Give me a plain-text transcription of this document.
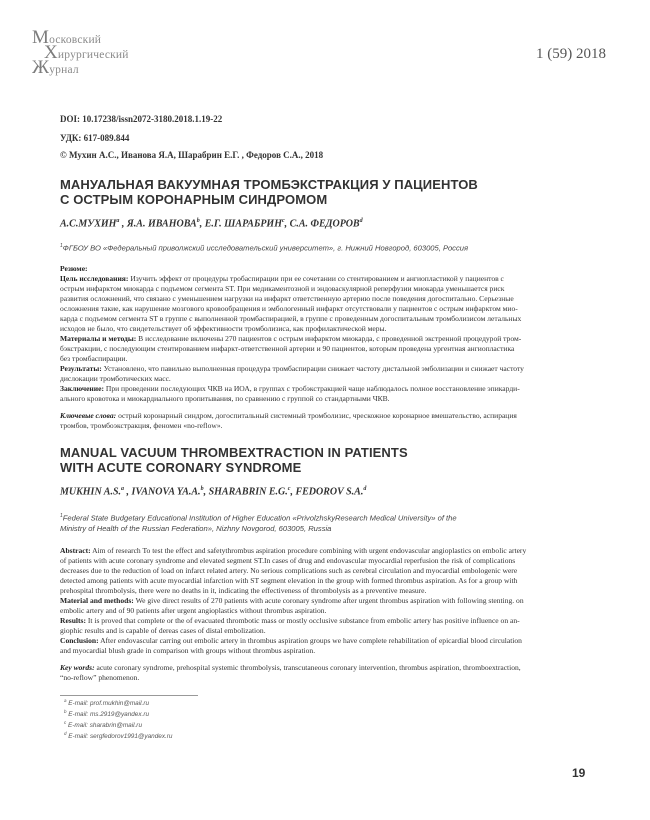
Московский
Хирургический
Журнал
1 (59) 2018
DOI: 10.17238/issn2072-3180.2018.1.19-22
УДК: 617-089.844
© Мухин А.С., Иванова Я.А, Шарабрин Е.Г. , Федоров С.А., 2018
МАНУАЛЬНАЯ ВАКУУМНАЯ ТРОМБЭКСТРАКЦИЯ У ПАЦИЕНТОВ
С ОСТРЫМ КОРОНАРНЫМ СИНДРОМОМ
А.С.МУХИН$^a$ , Я.А. ИВАНОВА$^b$, Е.Г. ШАРАБРИН$^c$, С.А. ФЕДОРОВ$^d$
$^1$ФГБОУ ВО «Федеральный приволжский исследовательский университет», г. Нижний Новгород, 603005, Россия
Резюме:
Цель исследования: Изучить эффект от процедуры тробаспирации при ее сочетании со стентированием и ангиопластикой у пациентов с
острым инфарктом миокарда с подъемом сегмента ST. При медикаментозной и эндоваскулярной реперфузии миокарда уменьшается риск
развития осложнений, что связано с уменьшением нагрузки на инфаркт ответственную артерию после поведения догоспитально. Серьезные
осложнения такие, как нарушение мозгового кровообращения и эмбологенный инфаркт отсутствовали у пациентов с острым инфарктом мио-
карда с подъемом сегмента ST в группе с выполненной тромбаспирацией, в группе с проведенным догоспитальным тромболизисом летальных
исходов не было, что свидетельствует об эффективности тромболизиса, как профилактической меры.
Материалы и методы: В исследование включены 270 пациентов с острым инфарктом миокарда, с проведенной экстренной процедурой тром-
бэкстракции, с последующим стентированием инфаркт-ответственной артерии и 90 пациентов, которым проведена ургентная ангиопластика
без тромбаспирации.
Результаты: Установлено, что павильно выполненная процедура тромбаспирации снижает частоту дистальной эмболизации и снижает частоту
дислокации тромботических масс.
Заключение: При проведении последующих ЧКВ на ИОА, в группах с тробэкстракцией чаще наблюдалось полное восстановление эпикарди-
ального кровотока и миокардиального пропитывания, по сравнению с группой со стандартными ЧКВ.
Ключевые слова: острый коронарный синдром, догоспитальный системный тромболизис, чрескожное коронарное вмешательство, аспирация
тромбов, тромбоэкстракция, феномен «no-reflow».
MANUAL VACUUM THROMBEXTRACTION IN PATIENTS
WITH ACUTE CORONARY SYNDROME
MUKHIN A.S.$^a$ , IVANOVA YA.A.$^b$, SHARABRIN E.G.$^c$, FEDOROV S.A.$^d$
$^1$Federal State Budgetary Educational Institution of Higher Education «PrivolzhskyResearch Medical University» of the
Ministry of Health of the Russian Federation», Nizhny Novgorod, 603005, Russia
Abstract: Aim of research To test the effect and safetythrombus aspiration procedure combining with urgent endovascular angioplastics on embolic artery
of patients with acute coronary syndrome and elevated segment ST.In cases of drug and endovascular myocardial reperfusion the risk of complications
decreases due to the reduction of load on infarct related artery. No serious complications such as cerebral circulation and myocardial embologenic were
detected among patients with acute myocardial infarction with ST segment elevation in the group with formed thrombus aspiration. As for a group with
prehospital thrombolysis, there were no deaths in it, indicating the effectiveness of thrombolysis as a preventive measure.
Material and methods: We give direct results of 270 patients with acute coronary syndrome after urgent thrombus aspiration with following stenting. on
embolic artery and of 90 patients after urgent angioplastics without thrombus aspiration.
Results: It is proved that complete or the of evacuated thrombotic mass or mostly occlusive substance from embolic artery has positive influence on an-
giophic results and is capable of dereas cases of distal embolization.
Conclusion: After endovascular carring out embolic artery in thrombus aspiration groups we have complete rehabilitation of epicardial blood circulation
and myocardial blush grade in comparison with groups without thrombus aspiration.
Key words: acute coronary syndrome, prehospital systemic thrombolysis, transcutaneous coronary intervention, thrombus aspiration, thromboextraction,
“no-reflow” phenomenon.
$^a$ E-mail: prof.mukhin@mail.ru
$^b$ E-mail: ms.2919@yandex.ru
$^c$ E-mail: sharabrin@mail.ru
$^d$ E-mail: sergfedorov1991@yandex.ru
19
